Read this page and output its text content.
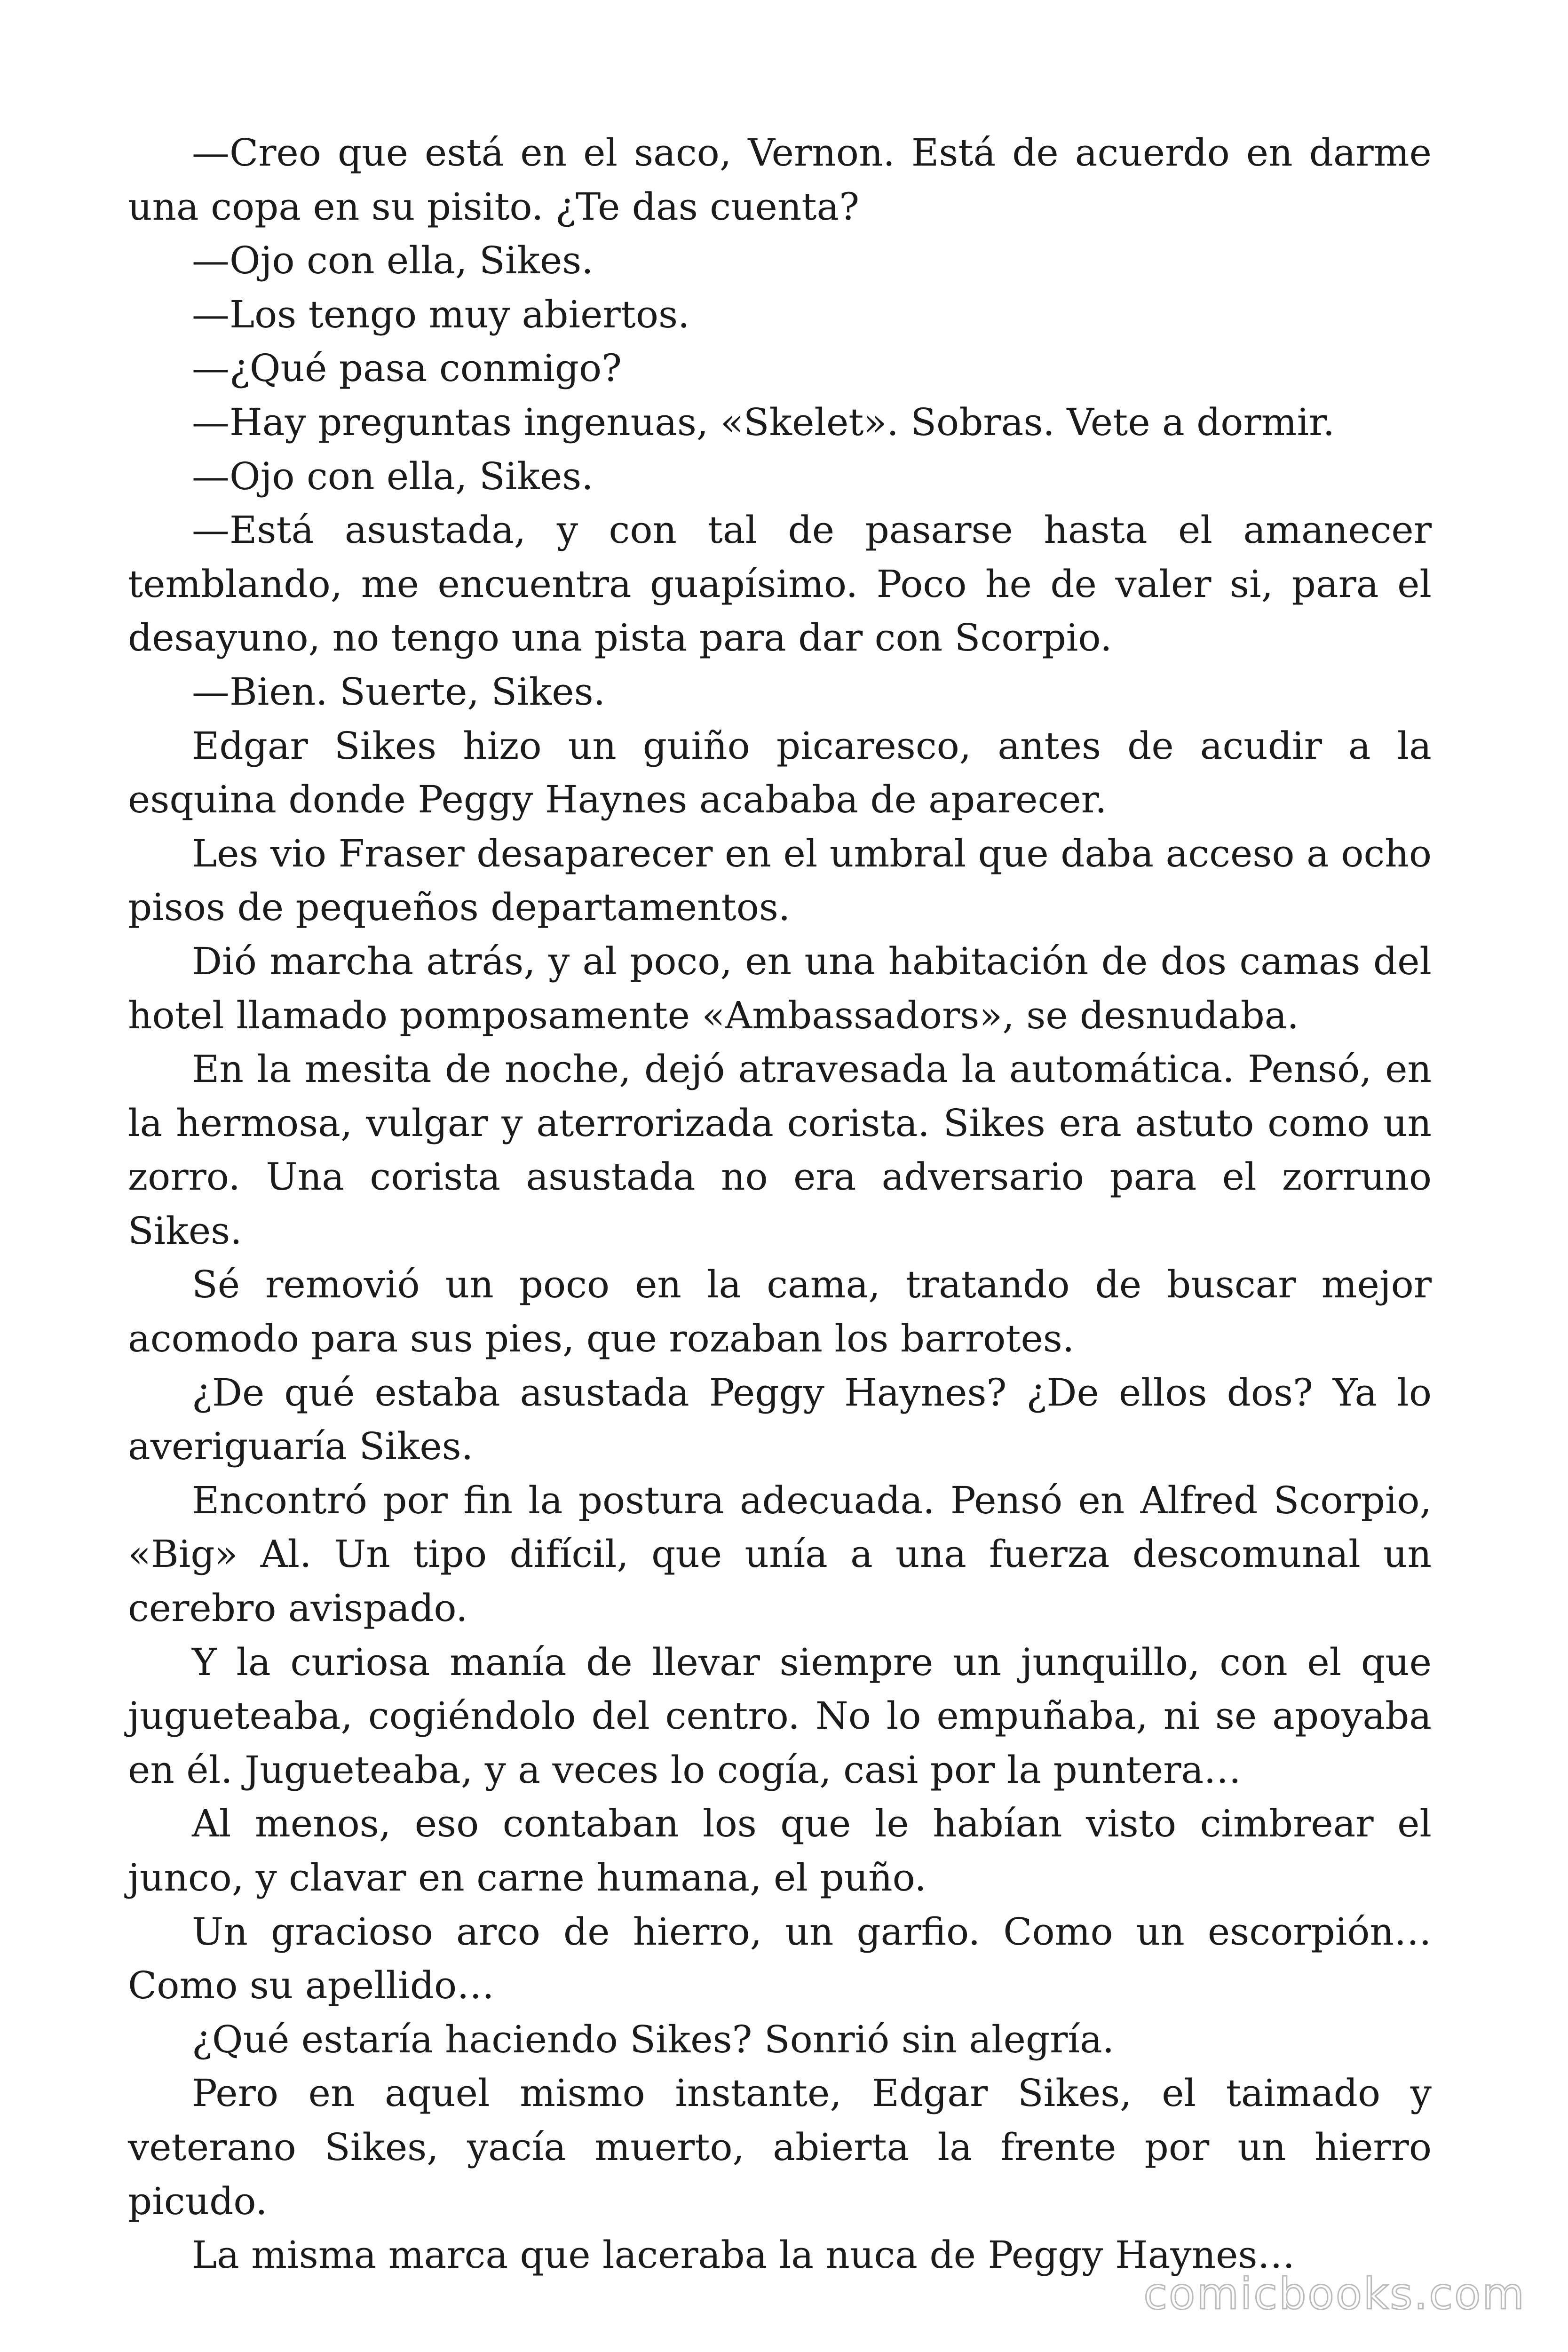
—Creo que está en el saco, Vernon. Está de acuerdo en darme una copa en su pisito. ¿Te das cuenta?

—Ojo con ella, Sikes.

—Los tengo muy abiertos.

—¿Qué pasa conmigo?

—Hay preguntas ingenuas, «Skelet». Sobras. Vete a dormir.

—Ojo con ella, Sikes.

—Está asustada, y con tal de pasarse hasta el amanecer temblando, me encuentra guapísimo. Poco he de valer si, para el desayuno, no tengo una pista para dar con Scorpio.

—Bien. Suerte, Sikes.

Edgar Sikes hizo un guiño picaresco, antes de acudir a la esquina donde Peggy Haynes acababa de aparecer.

Les vio Fraser desaparecer en el umbral que daba acceso a ocho pisos de pequeños departamentos.

Dió marcha atrás, y al poco, en una habitación de dos camas del hotel llamado pomposamente «Ambassadors», se desnudaba.

En la mesita de noche, dejó atravesada la automática. Pensó, en la hermosa, vulgar y aterrorizada corista. Sikes era astuto como un zorro. Una corista asustada no era adversario para el zorruno Sikes.

Sé removió un poco en la cama, tratando de buscar mejor acomodo para sus pies, que rozaban los barrotes.

¿De qué estaba asustada Peggy Haynes? ¿De ellos dos? Ya lo averiguaría Sikes.

Encontró por fin la postura adecuada. Pensó en Alfred Scorpio, «Big» Al. Un tipo difícil, que unía a una fuerza descomunal un cerebro avispado.

Y la curiosa manía de llevar siempre un junquillo, con el que jugueteaba, cogiéndolo del centro. No lo empuñaba, ni se apoyaba en él. Jugueteaba, y a veces lo cogía, casi por la puntera…

Al menos, eso contaban los que le habían visto cimbrear el junco, y clavar en carne humana, el puño.

Un gracioso arco de hierro, un garfio. Como un escorpión… Como su apellido…

¿Qué estaría haciendo Sikes? Sonrió sin alegría.

Pero en aquel mismo instante, Edgar Sikes, el taimado y veterano Sikes, yacía muerto, abierta la frente por un hierro picudo.

La misma marca que laceraba la nuca de Peggy Haynes…

comicbooks.com
